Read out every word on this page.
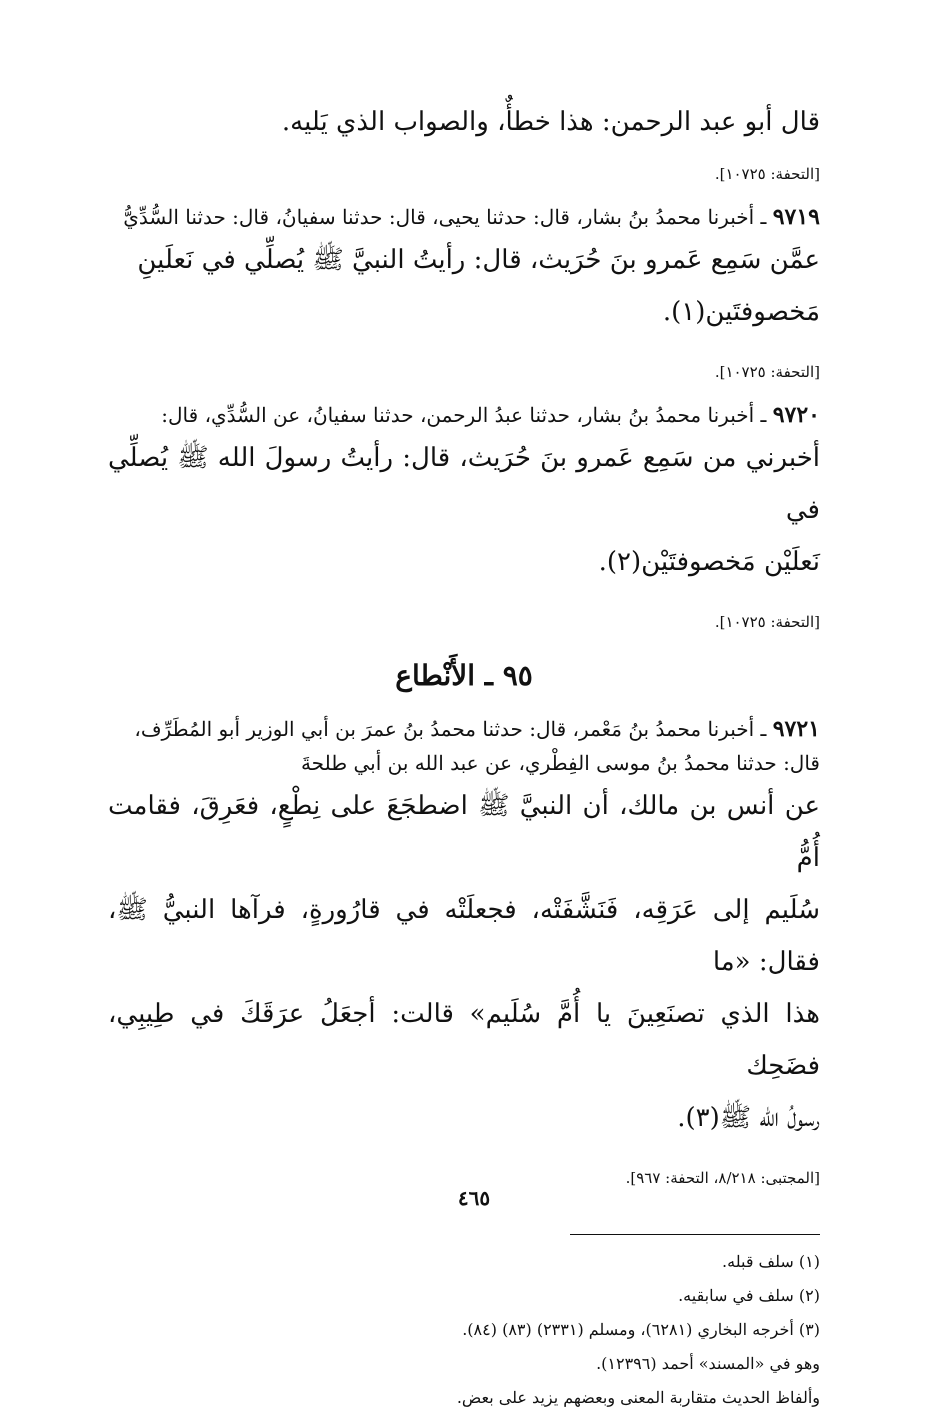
قال أبو عبد الرحمن: هذا خطأٌ، والصواب الذي يَليه.
[التحفة: ١٠٧٢٥].
٩٧١٩ ـ أخبرنا محمدُ بنُ بشار، قال: حدثنا يحيى، قال: حدثنا سفيانُ، قال: حدثنا السُّدِّيُّ
عمَّن سَمِع عَمرو بنَ حُرَيث، قال: رأيتُ النبيَّ ﷺ يُصلِّي في نَعلَينِ
مَخصوفتَين(١).
[التحفة: ١٠٧٢٥].
٩٧٢٠ ـ أخبرنا محمدُ بنُ بشار، حدثنا عبدُ الرحمن، حدثنا سفيانُ، عن السُّدِّي، قال:
أخبرني من سَمِع عَمرو بنَ حُرَيث، قال: رأيتُ رسولَ الله ﷺ يُصلِّي في
نَعلَيْن مَخصوفتَيْن(٢).
[التحفة: ١٠٧٢٥].
٩٥ ـ الأَنْطاع
٩٧٢١ ـ أخبرنا محمدُ بنُ مَعْمر، قال: حدثنا محمدُ بنُ عمرَ بن أبي الوزير أبو المُطَرِّف،
قال: حدثنا محمدُ بنُ موسى الفِطْري، عن عبد الله بن أبي طلحةَ
عن أنس بن مالك، أن النبيَّ ﷺ اضطجَعَ على نِطْعٍ، فعَرِقَ، فقامت أُمُّ
سُلَيم إلى عَرَقِه، فَنَشَّفَتْه، فجعلَتْه في قارُورةٍ، فرآها النبيُّ ﷺ، فقال: «ما
هذا الذي تصنَعِينَ يا أُمَّ سُلَيم» قالت: أجعَلُ عرَقَكَ في طِيبِي، فضَحِك
رسولُ الله ﷺ(٣).
[المجتبى: ٨/٢١٨، التحفة: ٩٦٧].
(١) سلف قبله.
(٢) سلف في سابقيه.
(٣) أخرجه البخاري (٦٢٨١)، ومسلم (٢٣٣١) (٨٣) (٨٤).
وهو في «المسند» أحمد (١٢٣٩٦).
وألفاظ الحديث متقاربة المعنى وبعضهم يزيد على بعض.
٤٦٥
